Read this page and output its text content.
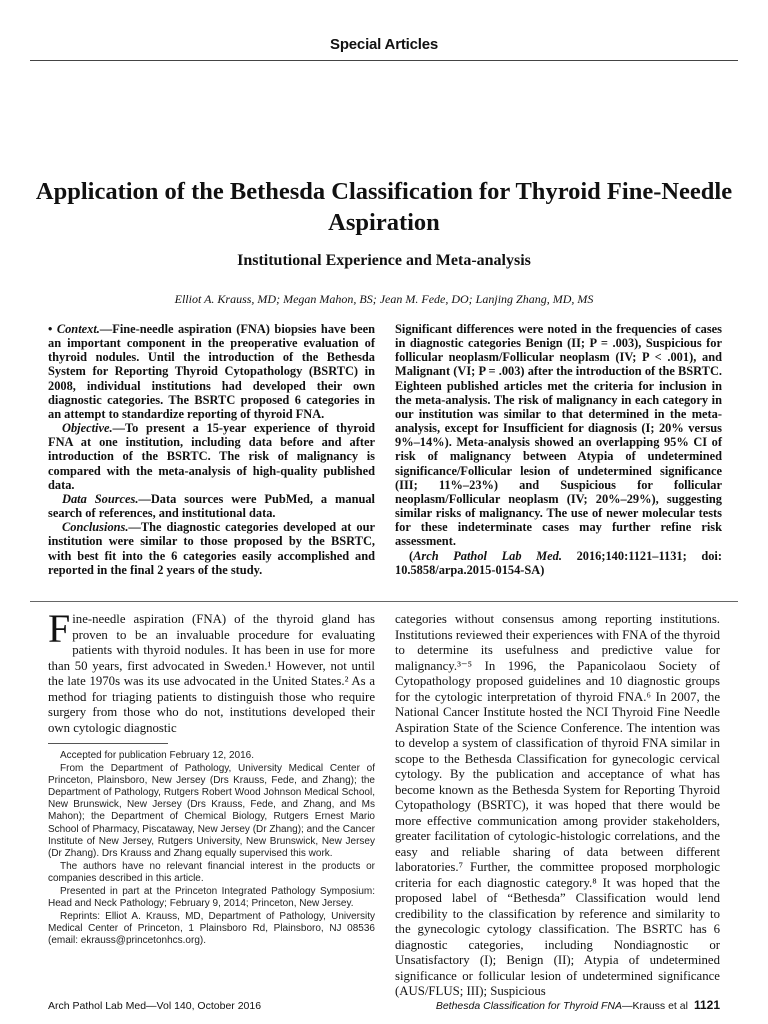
Special Articles
Application of the Bethesda Classification for Thyroid Fine-Needle Aspiration
Institutional Experience and Meta-analysis

Elliot A. Krauss, MD; Megan Mahon, BS; Jean M. Fede, DO; Lanjing Zhang, MD, MS

• Context.—Fine-needle aspiration (FNA) biopsies have been an important component in the preoperative evaluation of thyroid nodules. Until the introduction of the Bethesda System for Reporting Thyroid Cytopathology (BSRTC) in 2008, individual institutions had developed their own diagnostic categories. The BSRTC proposed 6 categories in an attempt to standardize reporting of thyroid FNA.

Objective.—To present a 15-year experience of thyroid FNA at one institution, including data before and after introduction of the BSRTC. The risk of malignancy is compared with the meta-analysis of high-quality published data.

Data Sources.—Data sources were PubMed, a manual search of references, and institutional data.

Conclusions.—The diagnostic categories developed at our institution were similar to those proposed by the BSRTC, with best fit into the 6 categories easily accomplished and reported in the final 2 years of the study.

Significant differences were noted in the frequencies of cases in diagnostic categories Benign (II; P = .003), Suspicious for follicular neoplasm/Follicular neoplasm (IV; P < .001), and Malignant (VI; P = .003) after the introduction of the BSRTC. Eighteen published articles met the criteria for inclusion in the meta-analysis. The risk of malignancy in each category in our institution was similar to that determined in the meta-analysis, except for Insufficient for diagnosis (I; 20% versus 9%–14%). Meta-analysis showed an overlapping 95% CI of risk of malignancy between Atypia of undetermined significance/Follicular lesion of undetermined significance (III; 11%–23%) and Suspicious for follicular neoplasm/Follicular neoplasm (IV; 20%–29%), suggesting similar risks of malignancy. The use of newer molecular tests for these indeterminate cases may further refine risk assessment.

(Arch Pathol Lab Med. 2016;140:1121–1131; doi: 10.5858/arpa.2015-0154-SA)

Fine-needle aspiration (FNA) of the thyroid gland has proven to be an invaluable procedure for evaluating patients with thyroid nodules. It has been in use for more than 50 years, first advocated in Sweden.¹ However, not until the late 1970s was its use advocated in the United States.² As a method for triaging patients to distinguish those who require surgery from those who do not, institutions developed their own cytologic diagnostic

Accepted for publication February 12, 2016.

From the Department of Pathology, University Medical Center of Princeton, Plainsboro, New Jersey (Drs Krauss, Fede, and Zhang); the Department of Pathology, Rutgers Robert Wood Johnson Medical School, New Brunswick, New Jersey (Drs Krauss, Fede, and Zhang, and Ms Mahon); the Department of Chemical Biology, Rutgers Ernest Mario School of Pharmacy, Piscataway, New Jersey (Dr Zhang); and the Cancer Institute of New Jersey, Rutgers University, New Brunswick, New Jersey (Dr Zhang). Drs Krauss and Zhang equally supervised this work.

The authors have no relevant financial interest in the products or companies described in this article.

Presented in part at the Princeton Integrated Pathology Symposium: Head and Neck Pathology; February 9, 2014; Princeton, New Jersey.

Reprints: Elliot A. Krauss, MD, Department of Pathology, University Medical Center of Princeton, 1 Plainsboro Rd, Plainsboro, NJ 08536 (email: ekrauss@princetonhcs.org).

categories without consensus among reporting institutions. Institutions reviewed their experiences with FNA of the thyroid to determine its usefulness and predictive value for malignancy.³⁻⁵ In 1996, the Papanicolaou Society of Cytopathology proposed guidelines and 10 diagnostic groups for the cytologic interpretation of thyroid FNA.⁶ In 2007, the National Cancer Institute hosted the NCI Thyroid Fine Needle Aspiration State of the Science Conference. The intention was to develop a system of classification of thyroid FNA similar in scope to the Bethesda Classification for gynecologic cervical cytology. By the publication and acceptance of what has become known as the Bethesda System for Reporting Thyroid Cytopathology (BSRTC), it was hoped that there would be more effective communication among provider stakeholders, greater facilitation of cytologic-histologic correlations, and the easy and reliable sharing of data between different laboratories.⁷ Further, the committee proposed morphologic criteria for each diagnostic category.⁸ It was hoped that the proposed label of “Bethesda” Classification would lend credibility to the classification by reference and similarity to the gynecologic cytology classification. The BSRTC has 6 diagnostic categories, including Nondiagnostic or Unsatisfactory (I); Benign (II); Atypia of undetermined significance or follicular lesion of undetermined significance (AUS/FLUS; III); Suspicious

Arch Pathol Lab Med—Vol 140, October 2016	Bethesda Classification for Thyroid FNA—Krauss et al 1121
